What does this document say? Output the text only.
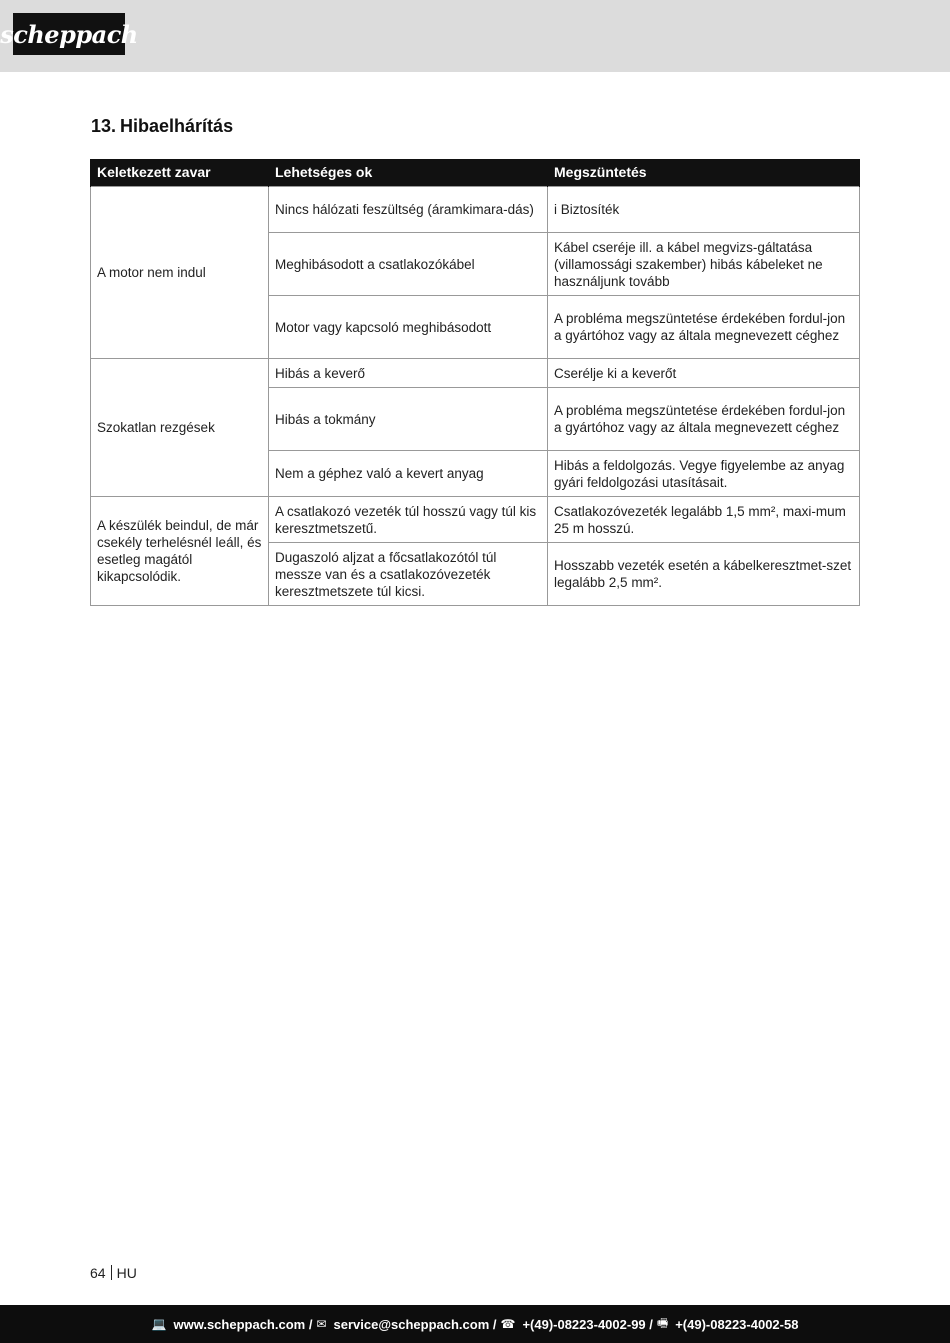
scheppach
13. Hibaelhárítás
Keletkezett zavar	Lehetséges ok	Megszüntetés
A motor nem indul	Nincs hálózati feszültség (áramkimara-dás)	i Biztosíték
	Meghibásodott a csatlakozókábel	Kábel cseréje ill. a kábel megvizs-gáltatása (villamossági szakember) hibás kábeleket ne használjunk tovább
	Motor vagy kapcsoló meghibásodott	A probléma megszüntetése érdekében fordul-jon a gyártóhoz vagy az általa megnevezett céghez
Szokatlan rezgések	Hibás a keverő	Cserélje ki a keverőt
	Hibás a tokmány	A probléma megszüntetése érdekében fordul-jon a gyártóhoz vagy az általa megnevezett céghez
	Nem a géphez való a kevert anyag	Hibás a feldolgozás. Vegye figyelembe az anyag gyári feldolgozási utasításait.
A készülék beindul, de már csekély terhelésnél leáll, és esetleg magától kikapcsolódik.	A csatlakozó vezeték túl hosszú vagy túl kis keresztmetszetű.	Csatlakozóvezeték legalább 1,5 mm², maxi-mum 25 m hosszú.
	Dugaszoló aljzat a főcsatlakozótól túl messze van és a csatlakozóvezeték keresztmetszete túl kicsi.	Hosszabb vezeték esetén a kábelkeresztmet-szet legalább 2,5 mm².
64 HU
💻 www.scheppach.com / ✉ service@scheppach.com / ☎ +(49)-08223-4002-99 / 🖷 +(49)-08223-4002-58
